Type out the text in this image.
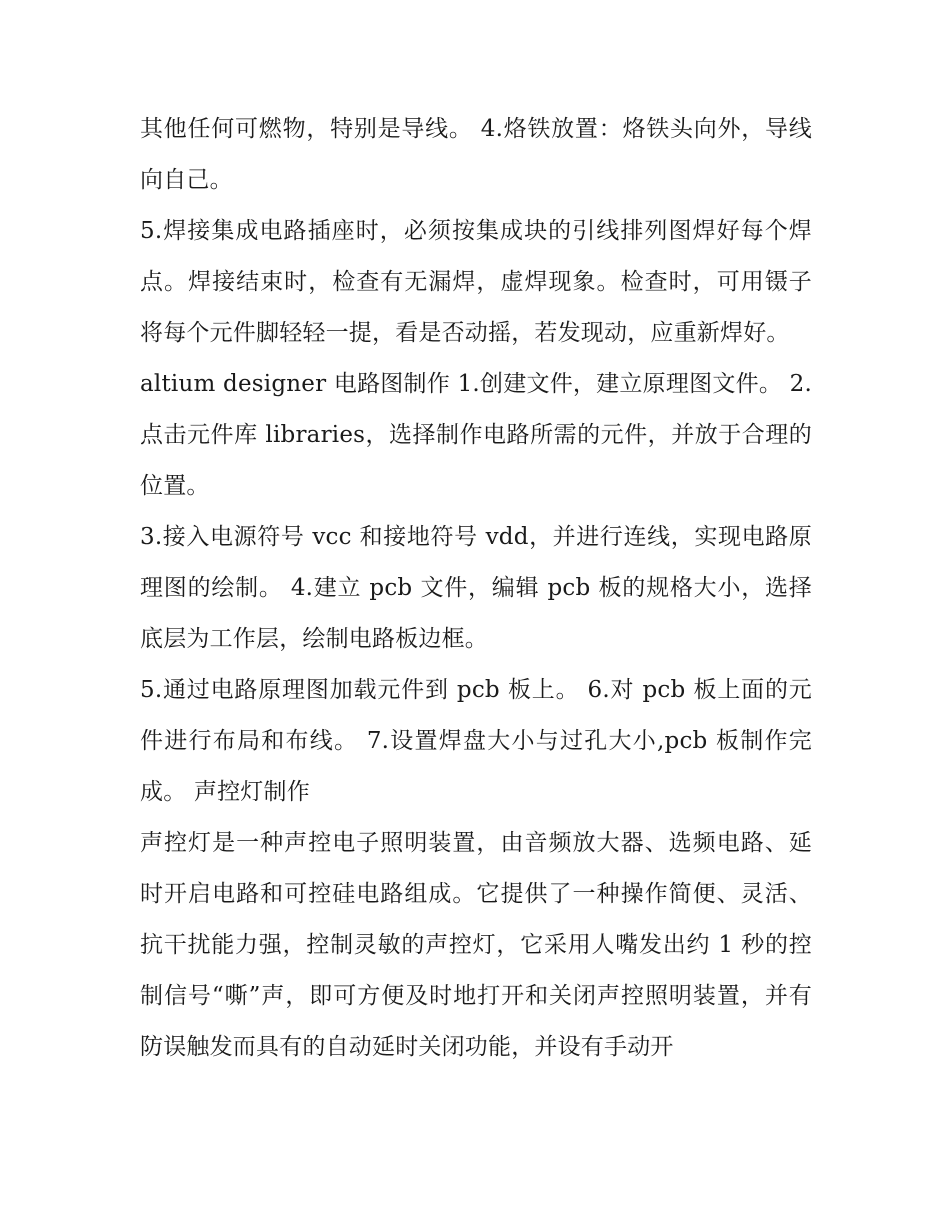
其他任何可燃物，特别是导线。 4.烙铁放置：烙铁头向外，导线向自己。

5.焊接集成电路插座时，必须按集成块的引线排列图焊好每个焊点。焊接结束时，检查有无漏焊，虚焊现象。检查时，可用镊子将每个元件脚轻轻一提，看是否动摇，若发现动，应重新焊好。

altium designer 电路图制作 1.创建文件，建立原理图文件。 2.点击元件库 libraries，选择制作电路所需的元件，并放于合理的位置。

3.接入电源符号 vcc 和接地符号 vdd，并进行连线，实现电路原理图的绘制。 4.建立 pcb 文件，编辑 pcb 板的规格大小，选择底层为工作层，绘制电路板边框。

5.通过电路原理图加载元件到 pcb 板上。 6.对 pcb 板上面的元件进行布局和布线。 7.设置焊盘大小与过孔大小,pcb 板制作完成。 声控灯制作

声控灯是一种声控电子照明装置，由音频放大器、选频电路、延时开启电路和可控硅电路组成。它提供了一种操作简便、灵活、抗干扰能力强，控制灵敏的声控灯，它采用人嘴发出约 1 秒的控制信号“嘶”声，即可方便及时地打开和关闭声控照明装置，并有防误触发而具有的自动延时关闭功能，并设有手动开
